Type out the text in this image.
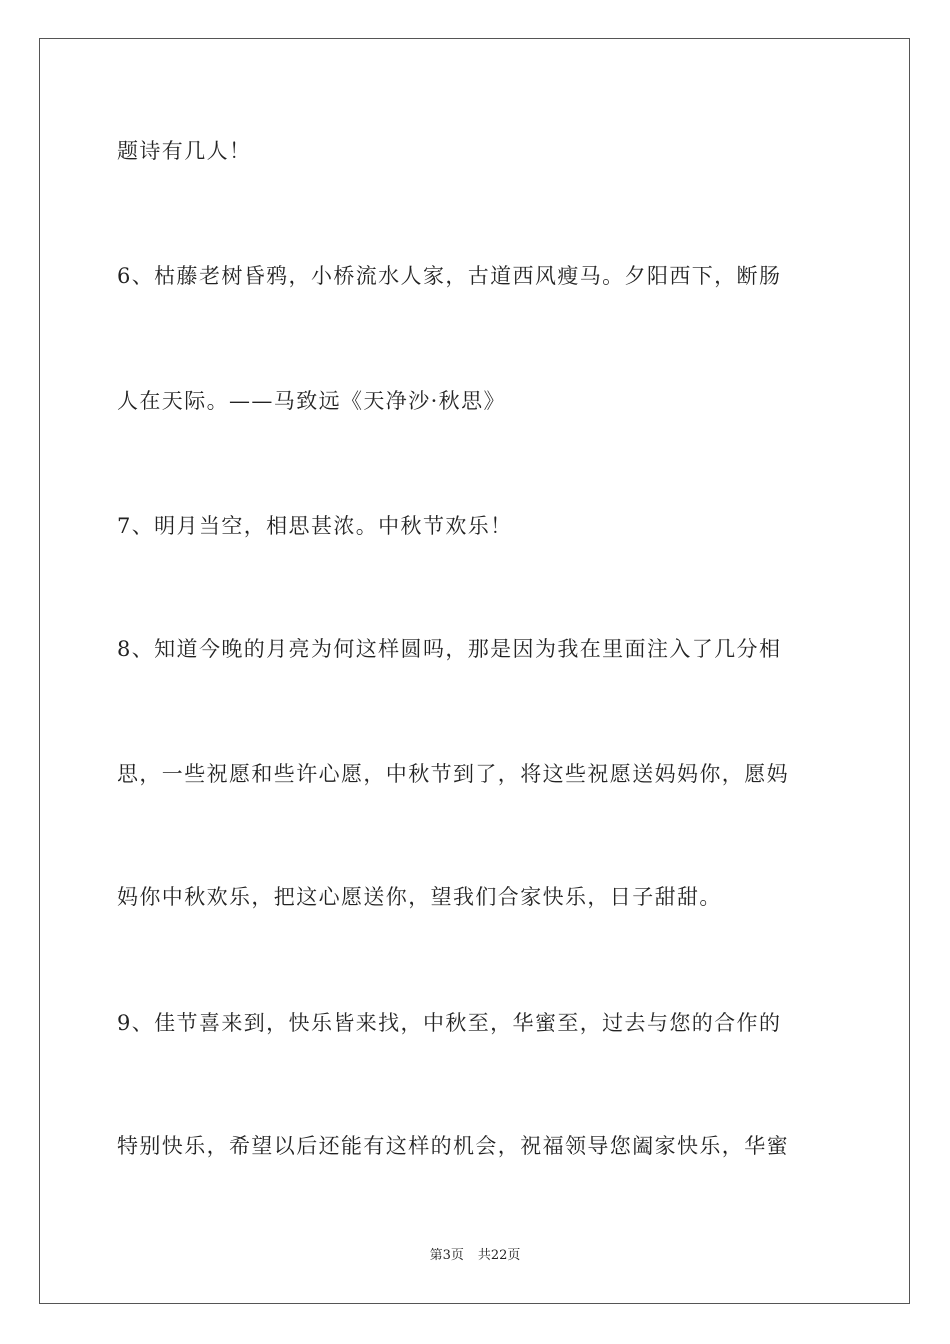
题诗有几人！
6、枯藤老树昏鸦，小桥流水人家，古道西风瘦马。夕阳西下，断肠
人在天际。——马致远《天净沙·秋思》
7、明月当空，相思甚浓。中秋节欢乐！
8、知道今晚的月亮为何这样圆吗，那是因为我在里面注入了几分相
思，一些祝愿和些许心愿，中秋节到了，将这些祝愿送妈妈你，愿妈
妈你中秋欢乐，把这心愿送你，望我们合家快乐，日子甜甜。
9、佳节喜来到，快乐皆来找，中秋至，华蜜至，过去与您的合作的
特别快乐，希望以后还能有这样的机会，祝福领导您阖家快乐，华蜜
第3页 共22页
